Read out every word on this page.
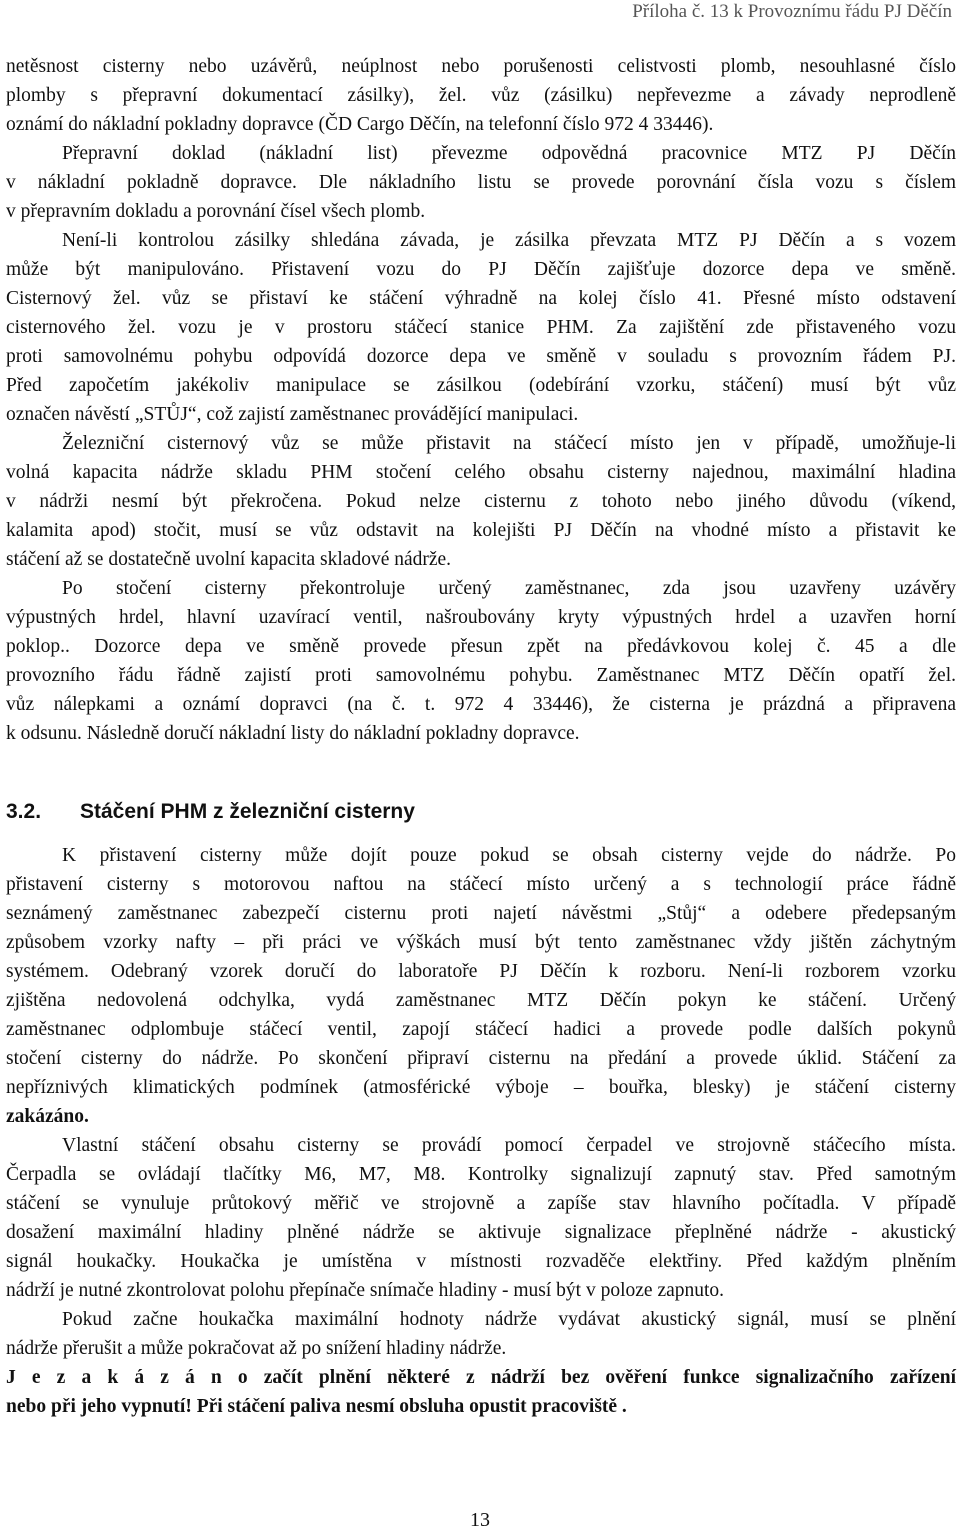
Příloha č. 13 k Provoznímu řádu PJ Děčín
netěsnost cisterny nebo uzávěrů, neúplnost nebo porušenosti celistvosti plomb, nesouhlasné číslo
plomby s přepravní dokumentací zásilky), žel. vůz (zásilku) nepřevezme a závady neprodleně
oznámí do nákladní pokladny dopravce (ČD Cargo Děčín, na telefonní číslo 972 4 33446).
Přepravní doklad (nákladní list) převezme odpovědná pracovnice MTZ PJ Děčín
v nákladní pokladně dopravce. Dle nákladního listu se provede porovnání čísla vozu s číslem
v přepravním dokladu a porovnání čísel všech plomb.
Není-li kontrolou zásilky shledána závada, je zásilka převzata MTZ PJ Děčín a s vozem
může být manipulováno. Přistavení vozu do PJ Děčín zajišťuje dozorce depa ve směně.
Cisternový žel. vůz se přistaví ke stáčení výhradně na kolej číslo 41. Přesné místo odstavení
cisternového žel. vozu je v prostoru stáčecí stanice PHM. Za zajištění zde přistaveného vozu
proti samovolnému pohybu odpovídá dozorce depa ve směně v souladu s provozním řádem PJ.
Před započetím jakékoliv manipulace se zásilkou (odebírání vzorku, stáčení) musí být vůz
označen návěstí „STŮJ“, což zajistí zaměstnanec provádějící manipulaci.
Železniční cisternový vůz se může přistavit na stáčecí místo jen v případě, umožňuje-li
volná kapacita nádrže skladu PHM stočení celého obsahu cisterny najednou, maximální hladina
v nádrži nesmí být překročena. Pokud nelze cisternu z tohoto nebo jiného důvodu (víkend,
kalamita apod) stočit, musí se vůz odstavit na kolejišti PJ Děčín na vhodné místo a přistavit ke
stáčení až se dostatečně uvolní kapacita skladové nádrže.
Po stočení cisterny překontroluje určený zaměstnanec, zda jsou uzavřeny uzávěry
výpustných hrdel, hlavní uzavírací ventil, našroubovány kryty výpustných hrdel a uzavřen horní
poklop.. Dozorce depa ve směně provede přesun zpět na předávkovou kolej č. 45 a dle
provozního řádu řádně zajistí proti samovolnému pohybu. Zaměstnanec MTZ Děčín opatří žel.
vůz nálepkami a oznámí dopravci (na č. t. 972 4 33446), že cisterna je prázdná a připravena
k odsunu. Následně doručí nákladní listy do nákladní pokladny dopravce.
3.2. Stáčení PHM z železniční cisterny
K přistavení cisterny může dojít pouze pokud se obsah cisterny vejde do nádrže. Po
přistavení cisterny s motorovou naftou na stáčecí místo určený a s technologií práce řádně
seznámený zaměstnanec zabezpečí cisternu proti najetí návěstmi „Stůj“ a odebere předepsaným
způsobem vzorky nafty – při práci ve výškách musí být tento zaměstnanec vždy jištěn záchytným
systémem. Odebraný vzorek doručí do laboratoře PJ Děčín k rozboru. Není-li rozborem vzorku
zjištěna nedovolená odchylka, vydá zaměstnanec MTZ Děčín pokyn ke stáčení. Určený
zaměstnanec odplombuje stáčecí ventil, zapojí stáčecí hadici a provede podle dalších pokynů
stočení cisterny do nádrže. Po skončení připraví cisternu na předání a provede úklid. Stáčení za
nepříznivých klimatických podmínek (atmosférické výboje – bouřka, blesky) je stáčení cisterny
zakázáno.
Vlastní stáčení obsahu cisterny se provádí pomocí čerpadel ve strojovně stáčecího místa.
Čerpadla se ovládají tlačítky M6, M7, M8. Kontrolky signalizují zapnutý stav. Před samotným
stáčení se vynuluje průtokový měřič ve strojovně a zapíše stav hlavního počítadla. V případě
dosažení maximální hladiny plněné nádrže se aktivuje signalizace přeplněné nádrže - akustický
signál houkačky. Houkačka je umístěna v místnosti rozvaděče elektřiny. Před každým plněním
nádrží je nutné zkontrolovat polohu přepínače snímače hladiny - musí být v poloze zapnuto.
Pokud začne houkačka maximální hodnoty nádrže vydávat akustický signál, musí se plnění
nádrže přerušit a může pokračovat až po snížení hladiny nádrže.
J e z a k á z á n o začít plnění některé z nádrží bez ověření funkce signalizačního zařízení
nebo při jeho vypnutí! Při stáčení paliva nesmí obsluha opustit pracoviště .
13
